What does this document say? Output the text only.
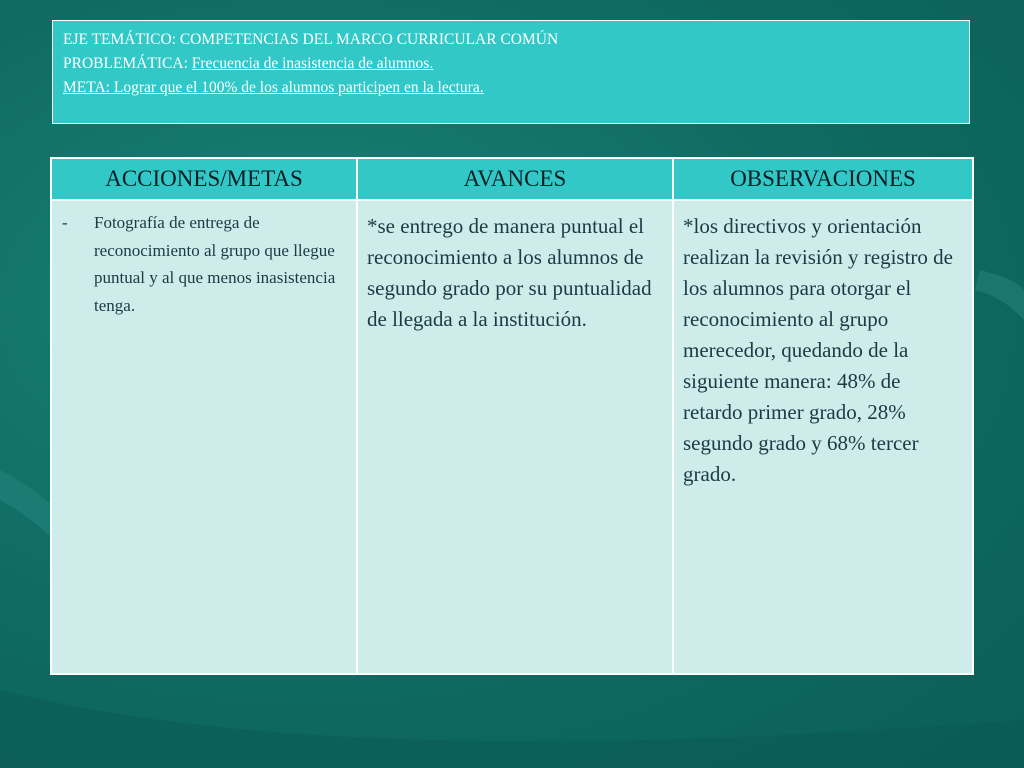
EJE TEMÁTICO: COMPETENCIAS DEL MARCO CURRICULAR COMÚN
PROBLEMÁTICA: Frecuencia de inasistencia de alumnos.
META: Lograr que el 100% de los alumnos participen en la lectura.
ACCIONES/METAS	AVANCES	OBSERVACIONES

- Fotografía de entrega de reconocimiento al grupo que llegue puntual y al que menos inasistencia tenga.	*se entrego de manera puntual el reconocimiento a los alumnos de segundo grado por su puntualidad de llegada a la institución.	*los directivos y orientación realizan la revisión y registro de los alumnos para otorgar el reconocimiento al grupo merecedor, quedando de la siguiente manera: 48% de retardo primer grado, 28% segundo grado y 68% tercer grado.
